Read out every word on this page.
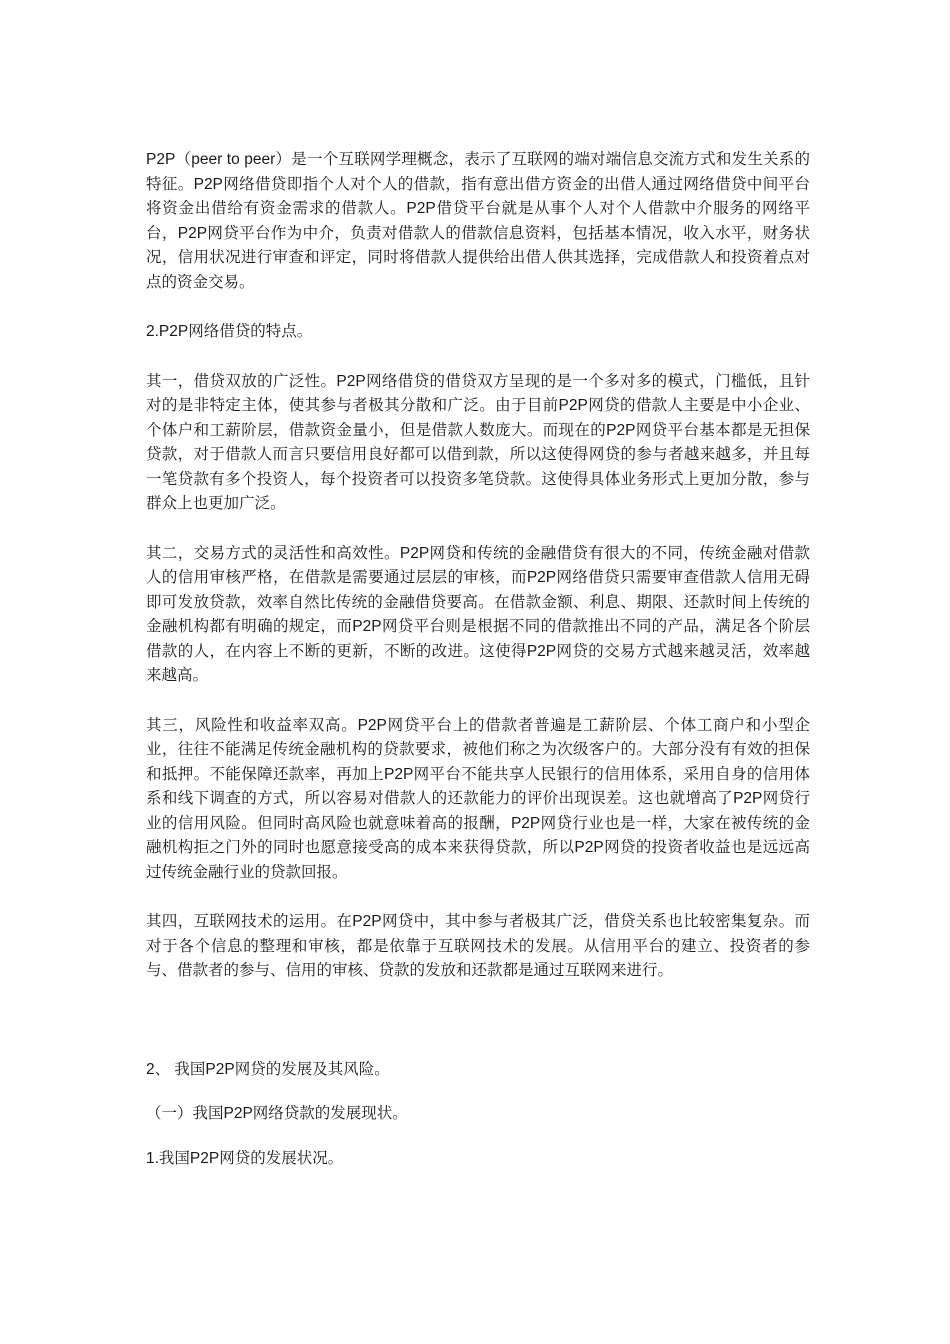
P2P（peer to peer）是一个互联网学理概念，表示了互联网的端对端信息交流方式和发生关系的特征。P2P网络借贷即指个人对个人的借款，指有意出借方资金的出借人通过网络借贷中间平台将资金出借给有资金需求的借款人。P2P借贷平台就是从事个人对个人借款中介服务的网络平台，P2P网贷平台作为中介，负责对借款人的借款信息资料，包括基本情况，收入水平，财务状况，信用状况进行审查和评定，同时将借款人提供给出借人供其选择，完成借款人和投资着点对点的资金交易。

2.P2P网络借贷的特点。

其一，借贷双放的广泛性。P2P网络借贷的借贷双方呈现的是一个多对多的模式，门槛低，且针对的是非特定主体，使其参与者极其分散和广泛。由于目前P2P网贷的借款人主要是中小企业、个体户和工薪阶层，借款资金量小，但是借款人数庞大。而现在的P2P网贷平台基本都是无担保贷款，对于借款人而言只要信用良好都可以借到款，所以这使得网贷的参与者越来越多，并且每一笔贷款有多个投资人，每个投资者可以投资多笔贷款。这使得具体业务形式上更加分散，参与群众上也更加广泛。

其二，交易方式的灵活性和高效性。P2P网贷和传统的金融借贷有很大的不同，传统金融对借款人的信用审核严格，在借款是需要通过层层的审核，而P2P网络借贷只需要审查借款人信用无碍即可发放贷款，效率自然比传统的金融借贷要高。在借款金额、利息、期限、还款时间上传统的金融机构都有明确的规定，而P2P网贷平台则是根据不同的借款推出不同的产品，满足各个阶层借款的人，在内容上不断的更新，不断的改进。这使得P2P网贷的交易方式越来越灵活，效率越来越高。

其三，风险性和收益率双高。P2P网贷平台上的借款者普遍是工薪阶层、个体工商户和小型企业，往往不能满足传统金融机构的贷款要求，被他们称之为次级客户的。大部分没有有效的担保和抵押。不能保障还款率，再加上P2P网平台不能共享人民银行的信用体系，采用自身的信用体系和线下调查的方式，所以容易对借款人的还款能力的评价出现误差。这也就增高了P2P网贷行业的信用风险。但同时高风险也就意味着高的报酬，P2P网贷行业也是一样，大家在被传统的金融机构拒之门外的同时也愿意接受高的成本来获得贷款，所以P2P网贷的投资者收益也是远远高过传统金融行业的贷款回报。

其四，互联网技术的运用。在P2P网贷中，其中参与者极其广泛，借贷关系也比较密集复杂。而对于各个信息的整理和审核，都是依靠于互联网技术的发展。从信用平台的建立、投资者的参与、借款者的参与、信用的审核、贷款的发放和还款都是通过互联网来进行。

2、 我国P2P网贷的发展及其风险。

（一）我国P2P网络贷款的发展现状。

1.我国P2P网贷的发展状况。
